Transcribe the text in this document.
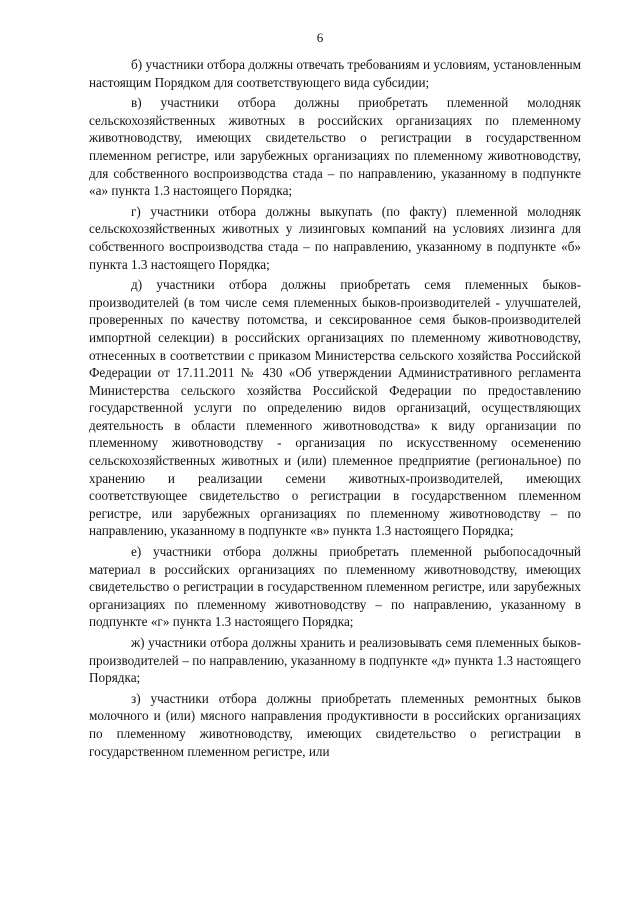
6

б) участники отбора должны отвечать требованиям и условиям, установленным настоящим Порядком для соответствующего вида субсидии;

в) участники отбора должны приобретать племенной молодняк сельскохозяйственных животных в российских организациях по племенному животноводству, имеющих свидетельство о регистрации в государственном племенном регистре, или зарубежных организациях по племенному животноводству, для собственного воспроизводства стада – по направлению, указанному в подпункте «а» пункта 1.3 настоящего Порядка;

г) участники отбора должны выкупать (по факту) племенной молодняк сельскохозяйственных животных у лизинговых компаний на условиях лизинга для собственного воспроизводства стада – по направлению, указанному в подпункте «б» пункта 1.3 настоящего Порядка;

д) участники отбора должны приобретать семя племенных быков-производителей (в том числе семя племенных быков-производителей - улучшателей, проверенных по качеству потомства, и сексированное семя быков-производителей импортной селекции) в российских организациях по племенному животноводству, отнесенных в соответствии с приказом Министерства сельского хозяйства Российской Федерации от 17.11.2011 № 430 «Об утверждении Административного регламента Министерства сельского хозяйства Российской Федерации по предоставлению государственной услуги по определению видов организаций, осуществляющих деятельность в области племенного животноводства» к виду организации по племенному животноводству - организация по искусственному осеменению сельскохозяйственных животных и (или) племенное предприятие (региональное) по хранению и реализации семени животных-производителей, имеющих соответствующее свидетельство о регистрации в государственном племенном регистре, или зарубежных организациях по племенному животноводству – по направлению, указанному в подпункте «в» пункта 1.3 настоящего Порядка;

е) участники отбора должны приобретать племенной рыбопосадочный материал в российских организациях по племенному животноводству, имеющих свидетельство о регистрации в государственном племенном регистре, или зарубежных организациях по племенному животноводству – по направлению, указанному в подпункте «г» пункта 1.3 настоящего Порядка;

ж) участники отбора должны хранить и реализовывать семя племенных быков-производителей – по направлению, указанному в подпункте «д» пункта 1.3 настоящего Порядка;

з) участники отбора должны приобретать племенных ремонтных быков молочного и (или) мясного направления продуктивности в российских организациях по племенному животноводству, имеющих свидетельство о регистрации в государственном племенном регистре, или
